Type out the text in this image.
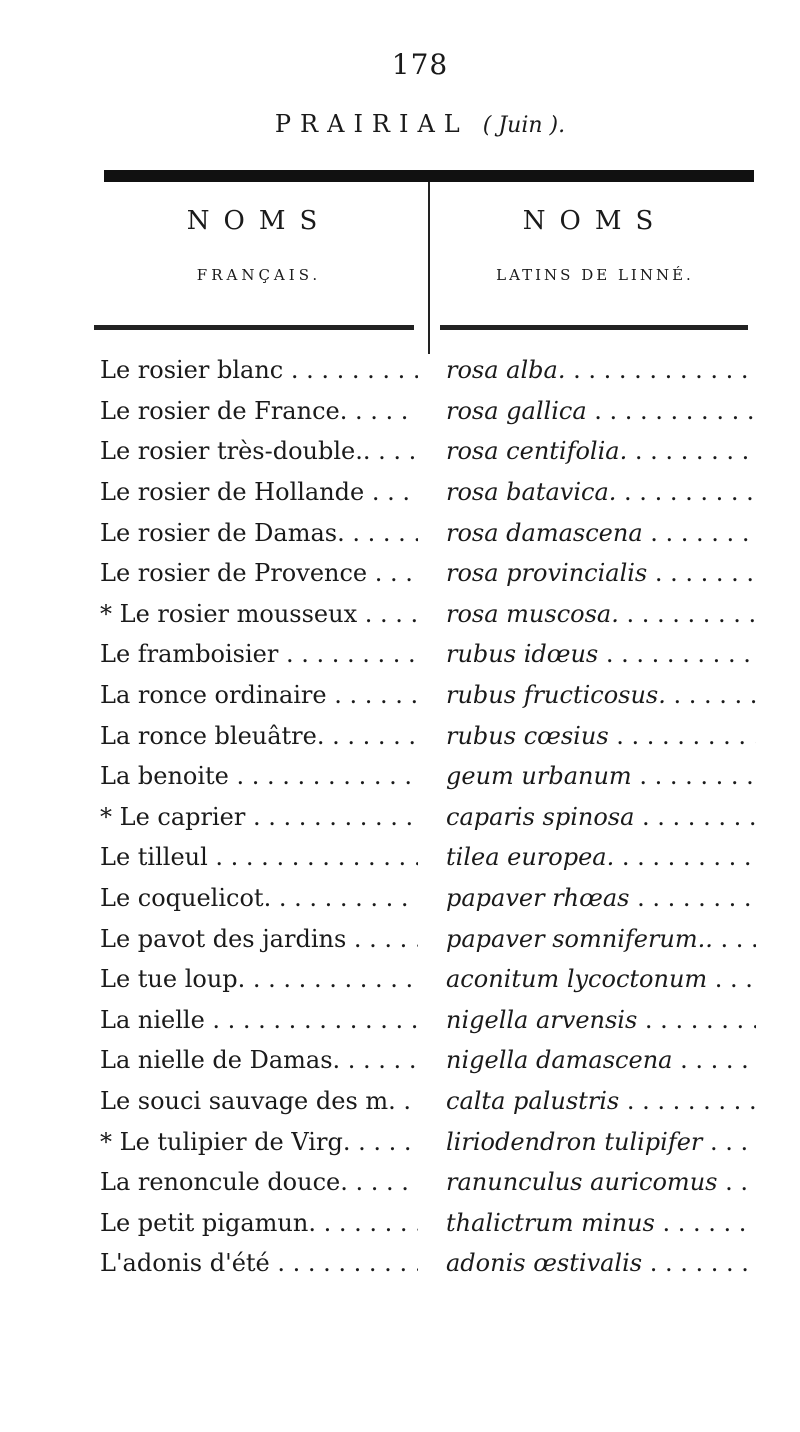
178
PRAIRIAL ( Juin ).
NOMS
FRANÇAIS.
NOMS
LATINS DE LINNÉ.
Le rosier blanc . . .	rosa alba. . . .
Le rosier de France. . . .	rosa gallica . . .
Le rosier très-double.. . . .	rosa centifolia. . . .
Le rosier de Hollande . . .	rosa batavica. . . .
Le rosier de Damas. . . .	rosa damascena . . .
Le rosier de Provence . . .	rosa provincialis . . .
* Le rosier mousseux . . .	rosa muscosa. . . .
Le framboisier . . .	rubus idœus . . .
La ronce ordinaire . . .	rubus fructicosus. . . .
La ronce bleuâtre. . . .	rubus cœsius . . .
La benoite . . .	geum urbanum . . .
* Le caprier . . .	caparis spinosa . . .
Le tilleul . . .	tilea europea. . . .
Le coquelicot. . . .	papaver rhœas . . .
Le pavot des jardins . . .	papaver somniferum.. . . .
Le tue loup. . . .	aconitum lycoctonum . . .
La nielle . . .	nigella arvensis . . .
La nielle de Damas. . . .	nigella damascena . . .
Le souci sauvage des m. . . .	calta palustris . . .
* Le tulipier de Virg. . . .	liriodendron tulipifer . . .
La renoncule douce. . . .	ranunculus auricomus . . .
Le petit pigamun. . . .	thalictrum minus . . .
L'adonis d'été . . .	adonis œstivalis . . .
